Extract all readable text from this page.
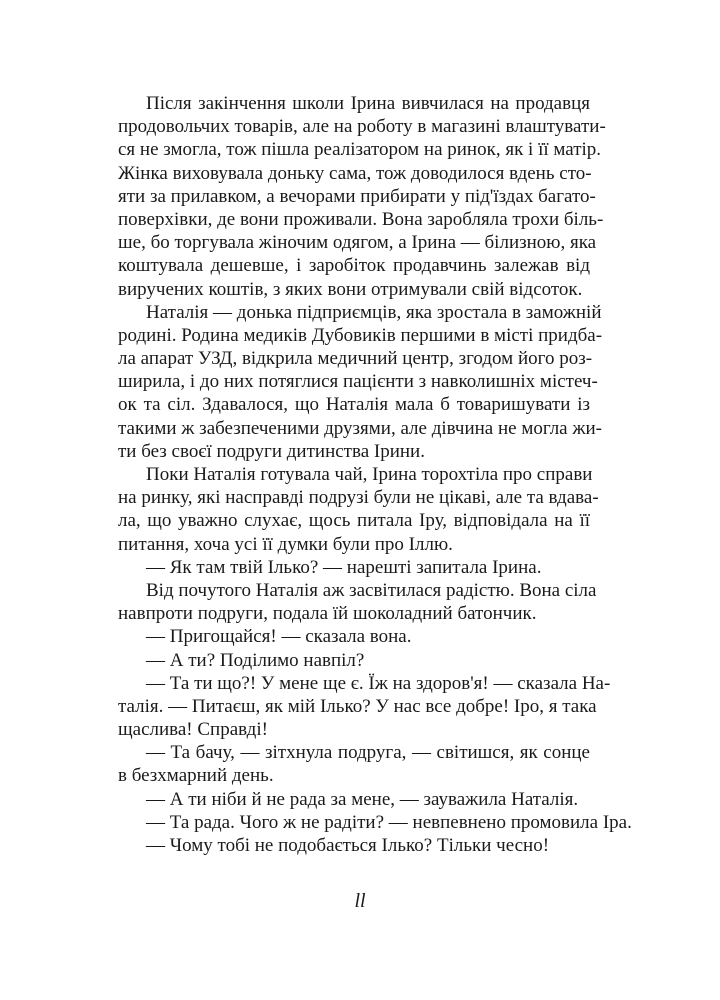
Після закінчення школи Ірина вивчилася на продавця
продовольчих товарів, але на роботу в магазині влаштувати-
ся не змогла, тож пішла реалізатором на ринок, як і її матір.
Жінка виховувала доньку сама, тож доводилося вдень сто-
яти за прилавком, а вечорами прибирати у під'їздах багато-
поверхівки, де вони проживали. Вона заробляла трохи біль-
ше, бо торгувала жіночим одягом, а Ірина — білизною, яка
коштувала дешевше, і заробіток продавчинь залежав від
виручених коштів, з яких вони отримували свій відсоток.
Наталія — донька підприємців, яка зростала в заможній
родині. Родина медиків Дубовиків першими в місті придба-
ла апарат УЗД, відкрила медичний центр, згодом його роз-
ширила, і до них потяглися пацієнти з навколишніх містеч-
ок та сіл. Здавалося, що Наталія мала б товаришувати із
такими ж забезпеченими друзями, але дівчина не могла жи-
ти без своєї подруги дитинства Ірини.
Поки Наталія готувала чай, Ірина торохтіла про справи
на ринку, які насправді подрузі були не цікаві, але та вдава-
ла, що уважно слухає, щось питала Іру, відповідала на її
питання, хоча усі її думки були про Іллю.
— Як там твій Ілько? — нарешті запитала Ірина.
Від почутого Наталія аж засвітилася радістю. Вона сіла
навпроти подруги, подала їй шоколадний батончик.
— Пригощайся! — сказала вона.
— А ти? Поділимо навпіл?
— Та ти що?! У мене ще є. Їж на здоров'я! — сказала На-
талія. — Питаєш, як мій Ілько? У нас все добре! Іро, я така
щаслива! Справді!
— Та бачу, — зітхнула подруга, — світишся, як сонце
в безхмарний день.
— А ти ніби й не рада за мене, — зауважила Наталія.
— Та рада. Чого ж не радіти? — невпевнено промовила Іра.
— Чому тобі не подобається Ілько? Тільки чесно!
ll
